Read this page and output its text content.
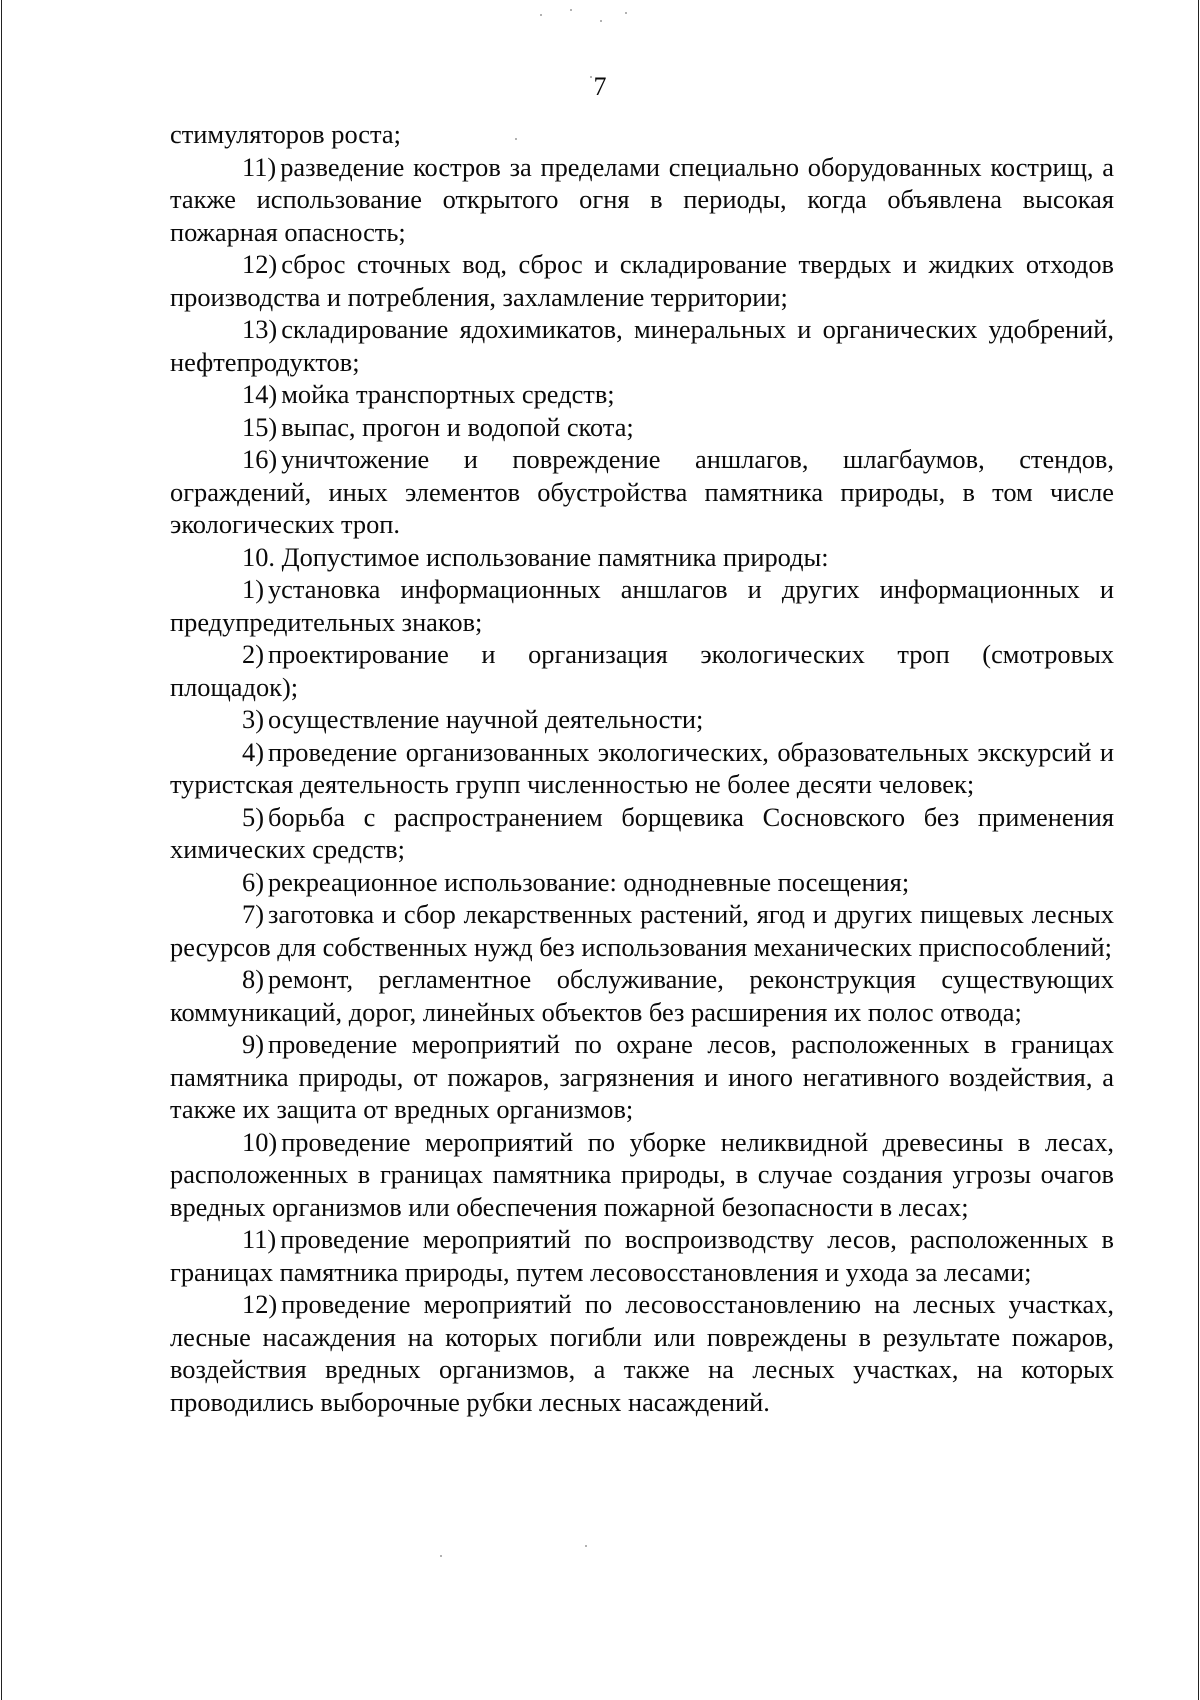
7

стимуляторов роста;

11) разведение костров за пределами специально оборудованных кострищ, а также использование открытого огня в периоды, когда объявлена высокая пожарная опасность;

12) сброс сточных вод, сброс и складирование твердых и жидких отходов производства и потребления, захламление территории;

13) складирование ядохимикатов, минеральных и органических удобрений, нефтепродуктов;

14) мойка транспортных средств;

15) выпас, прогон и водопой скота;

16) уничтожение и повреждение аншлагов, шлагбаумов, стендов, ограждений, иных элементов обустройства памятника природы, в том числе экологических троп.

10. Допустимое использование памятника природы:

1) установка информационных аншлагов и других информационных и предупредительных знаков;

2) проектирование и организация экологических троп (смотровых площадок);

3) осуществление научной деятельности;

4) проведение организованных экологических, образовательных экскурсий и туристская деятельность групп численностью не более десяти человек;

5) борьба с распространением борщевика Сосновского без применения химических средств;

6) рекреационное использование: однодневные посещения;

7) заготовка и сбор лекарственных растений, ягод и других пищевых лесных ресурсов для собственных нужд без использования механических приспособлений;

8) ремонт, регламентное обслуживание, реконструкция существующих коммуникаций, дорог, линейных объектов без расширения их полос отвода;

9) проведение мероприятий по охране лесов, расположенных в границах памятника природы, от пожаров, загрязнения и иного негативного воздействия, а также их защита от вредных организмов;

10) проведение мероприятий по уборке неликвидной древесины в лесах, расположенных в границах памятника природы, в случае создания угрозы очагов вредных организмов или обеспечения пожарной безопасности в лесах;

11) проведение мероприятий по воспроизводству лесов, расположенных в границах памятника природы, путем лесовосстановления и ухода за лесами;

12) проведение мероприятий по лесовосстановлению на лесных участках, лесные насаждения на которых погибли или повреждены в результате пожаров, воздействия вредных организмов, а также на лесных участках, на которых проводились выборочные рубки лесных насаждений.
